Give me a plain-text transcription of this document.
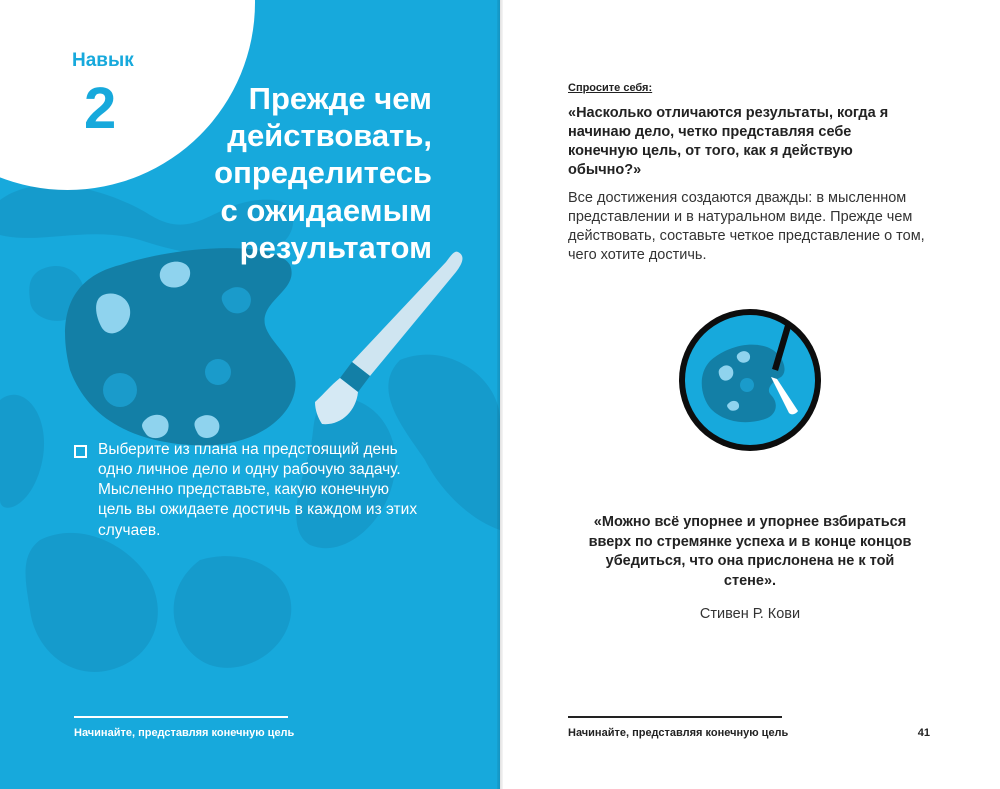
Навык
2	Прежде чем
действовать,
определитесь
с ожидаемым
результатом

Выберите из плана на предстоящий день одно личное дело и одну рабочую задачу. Мысленно представьте, какую конечную цель вы ожидаете достичь в каждом из этих случаев.

Начинайте, представляя конечную цель
Спросите себя:

«Насколько отличаются результаты, когда я начинаю дело, четко представляя себе конечную цель, от того, как я действую обычно?»

Все достижения создаются дважды: в мысленном представлении и в натуральном виде. Прежде чем действовать, составьте четкое представление о том, чего хотите достичь.

«Можно всё упорнее и упорнее взбираться вверх по стремянке успеха и в конце концов убедиться, что она прислонена не к той стене».

Стивен Р. Кови
Начинайте, представляя конечную цель	41
